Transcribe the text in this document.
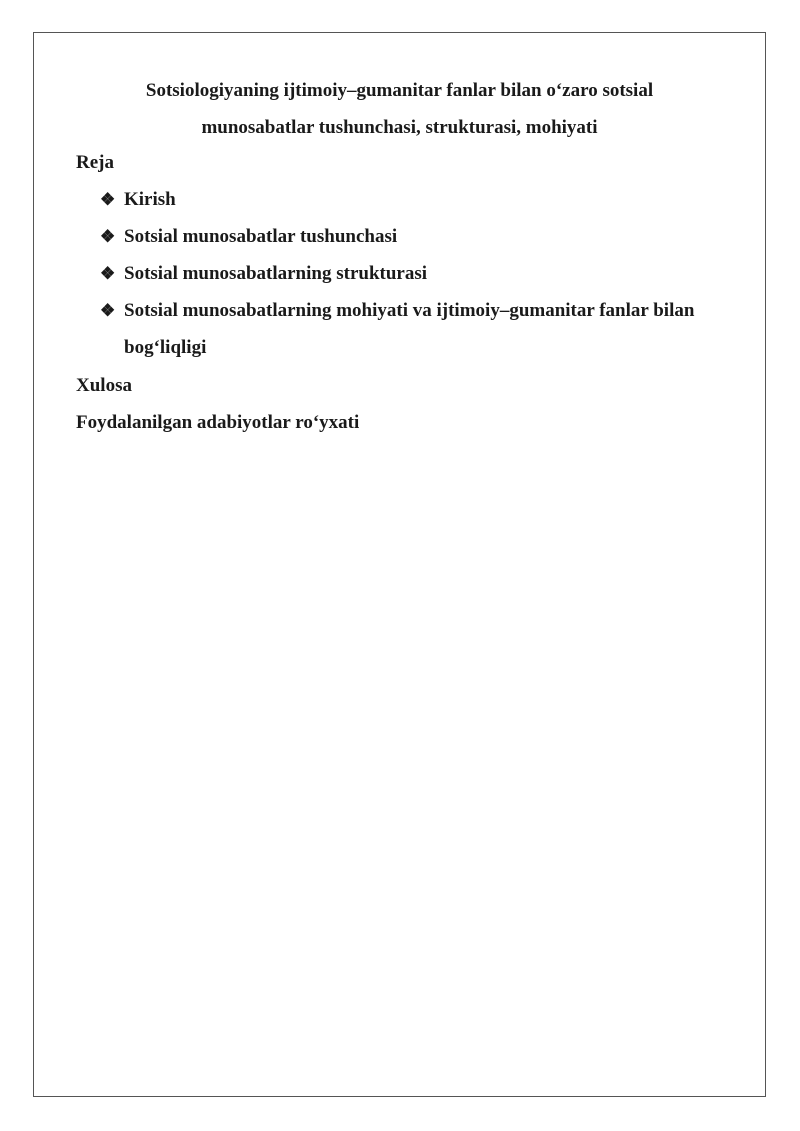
Sotsiologiyaning ijtimoiy–gumanitar fanlar bilan o‘zaro sotsial
munosabatlar tushunchasi, strukturasi, mohiyati
Reja
❖ Kirish
❖ Sotsial munosabatlar tushunchasi
❖ Sotsial munosabatlarning strukturasi
❖ Sotsial munosabatlarning mohiyati va ijtimoiy–gumanitar fanlar bilan bog‘liqligi
Xulosa
Foydalanilgan adabiyotlar ro‘yxati
